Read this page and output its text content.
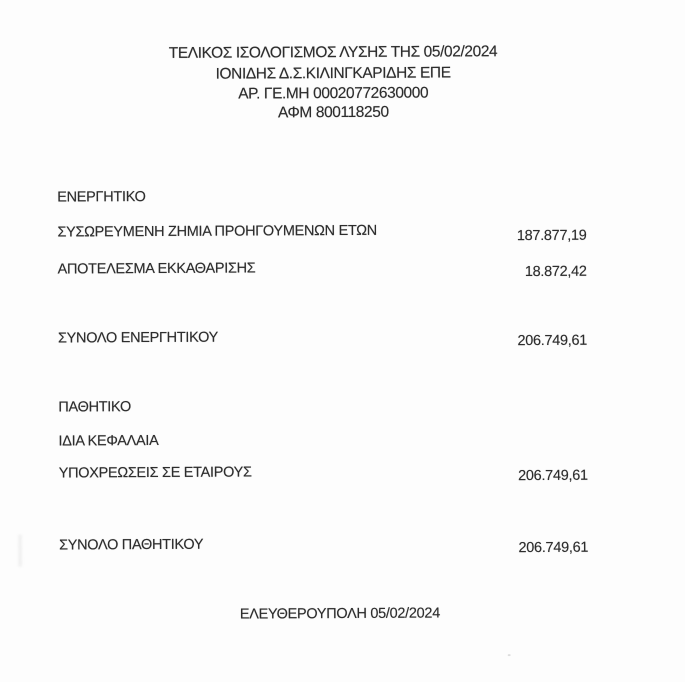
ΤΕΛΙΚΟΣ ΙΣΟΛΟΓΙΣΜΟΣ ΛΥΣΗΣ ΤΗΣ 05/02/2024
ΙΟΝΙΔΗΣ Δ.Σ.ΚΙΛΙΝΓΚΑΡΙΔΗΣ ΕΠΕ
ΑΡ. ΓΕ.ΜΗ 00020772630000
ΑΦΜ 800118250
ΕΝΕΡΓΗΤΙΚΟ
ΣΥΣΩΡΕΥΜΕΝΗ ΖΗΜΙΑ ΠΡΟΗΓΟΥΜΕΝΩΝ ΕΤΩΝ	187.877,19
ΑΠΟΤΕΛΕΣΜΑ ΕΚΚΑΘΑΡΙΣΗΣ	18.872,42
ΣΥΝΟΛΟ ΕΝΕΡΓΗΤΙΚΟΥ	206.749,61
ΠΑΘΗΤΙΚΟ
ΙΔΙΑ ΚΕΦΑΛΑΙΑ
ΥΠΟΧΡΕΩΣΕΙΣ ΣΕ ΕΤΑΙΡΟΥΣ	206.749,61
ΣΥΝΟΛΟ ΠΑΘΗΤΙΚΟΥ	206.749,61
ΕΛΕΥΘΕΡΟΥΠΟΛΗ 05/02/2024
